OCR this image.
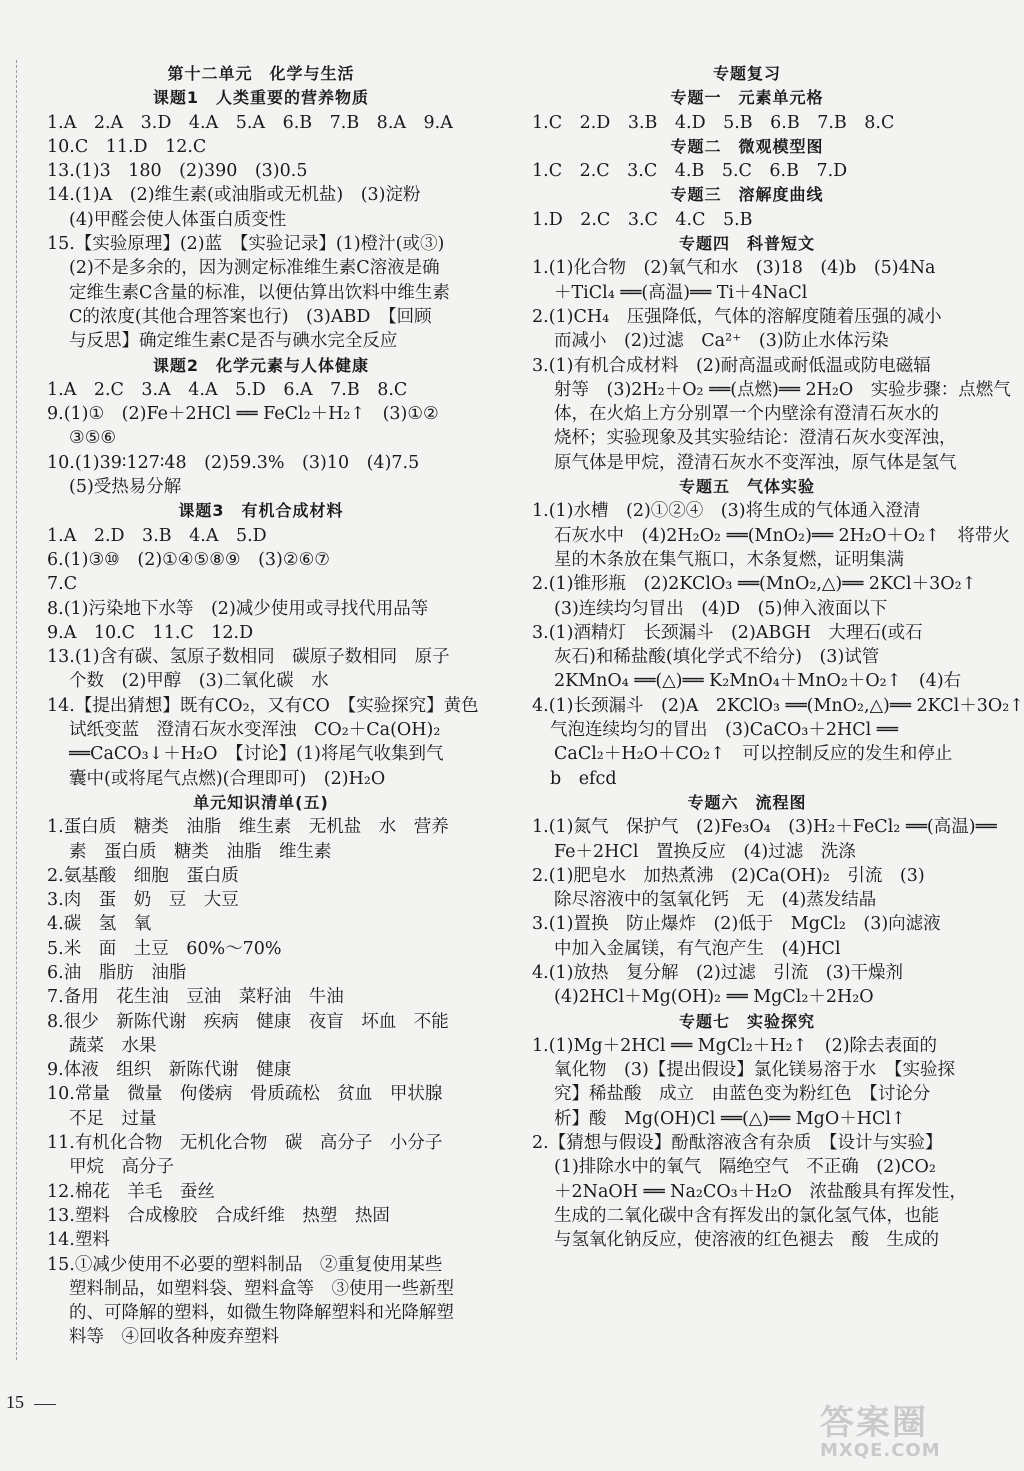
第十二单元　化学与生活
课题1　人类重要的营养物质
1.A　2.A　3.D　4.A　5.A　6.B　7.B　8.A　9.A
10.C　11.D　12.C
13.(1)3　180　(2)390　(3)0.5
14.(1)A　(2)维生素(或油脂或无机盐)　(3)淀粉
(4)甲醛会使人体蛋白质变性
15.【实验原理】(2)蓝　【实验记录】(1)橙汁(或③)
(2)不是多余的，因为测定标准维生素C溶液是确
定维生素C含量的标准，以便估算出饮料中维生素
C的浓度(其他合理答案也行)　(3)ABD　【回顾
与反思】确定维生素C是否与碘水完全反应
课题2　化学元素与人体健康
1.A　2.C　3.A　4.A　5.D　6.A　7.B　8.C
9.(1)①　(2)Fe＋2HCl ══ FeCl₂＋H₂↑　(3)①②
③⑤⑥
10.(1)39∶127∶48　(2)59.3%　(3)10　(4)7.5
(5)受热易分解
课题3　有机合成材料
1.A　2.D　3.B　4.A　5.D
6.(1)③⑩　(2)①④⑤⑧⑨　(3)②⑥⑦
7.C
8.(1)污染地下水等　(2)减少使用或寻找代用品等
9.A　10.C　11.C　12.D
13.(1)含有碳、氢原子数相同　碳原子数相同　原子
个数　(2)甲醇　(3)二氧化碳　水
14.【提出猜想】既有CO₂，又有CO　【实验探究】黄色
试纸变蓝　澄清石灰水变浑浊　CO₂＋Ca(OH)₂
══CaCO₃↓＋H₂O　【讨论】(1)将尾气收集到气
囊中(或将尾气点燃)(合理即可)　(2)H₂O
单元知识清单(五)
1.蛋白质　糖类　油脂　维生素　无机盐　水　营养
素　蛋白质　糖类　油脂　维生素
2.氨基酸　细胞　蛋白质
3.肉　蛋　奶　豆　大豆
4.碳　氢　氧
5.米　面　土豆　60%～70%
6.油　脂肪　油脂
7.备用　花生油　豆油　菜籽油　牛油
8.很少　新陈代谢　疾病　健康　夜盲　坏血　不能
蔬菜　水果
9.体液　组织　新陈代谢　健康
10.常量　微量　佝偻病　骨质疏松　贫血　甲状腺
不足　过量
11.有机化合物　无机化合物　碳　高分子　小分子
甲烷　高分子
12.棉花　羊毛　蚕丝
13.塑料　合成橡胶　合成纤维　热塑　热固
14.塑料
15.①减少使用不必要的塑料制品　②重复使用某些
塑料制品，如塑料袋、塑料盒等　③使用一些新型
的、可降解的塑料，如微生物降解塑料和光降解塑
料等　④回收各种废弃塑料
专题复习
专题一　元素单元格
1.C　2.D　3.B　4.D　5.B　6.B　7.B　8.C
专题二　微观模型图
1.C　2.C　3.C　4.B　5.C　6.B　7.D
专题三　溶解度曲线
1.D　2.C　3.C　4.C　5.B
专题四　科普短文
1.(1)化合物　(2)氧气和水　(3)18　(4)b　(5)4Na
＋TiCl₄ ══(高温)══ Ti＋4NaCl
2.(1)CH₄　压强降低，气体的溶解度随着压强的减小
而减小　(2)过滤　Ca²⁺　(3)防止水体污染
3.(1)有机合成材料　(2)耐高温或耐低温或防电磁辐
射等　(3)2H₂＋O₂ ══(点燃)══ 2H₂O　实验步骤：点燃气
体，在火焰上方分别罩一个内壁涂有澄清石灰水的
烧杯；实验现象及其实验结论：澄清石灰水变浑浊，
原气体是甲烷，澄清石灰水不变浑浊，原气体是氢气
专题五　气体实验
1.(1)水槽　(2)①②④　(3)将生成的气体通入澄清
石灰水中　(4)2H₂O₂ ══(MnO₂)══ 2H₂O＋O₂↑　将带火
星的木条放在集气瓶口，木条复燃，证明集满
2.(1)锥形瓶　(2)2KClO₃ ══(MnO₂,△)══ 2KCl＋3O₂↑
(3)连续均匀冒出　(4)D　(5)伸入液面以下
3.(1)酒精灯　长颈漏斗　(2)ABGH　大理石(或石
灰石)和稀盐酸(填化学式不给分)　(3)试管
2KMnO₄ ══(△)══ K₂MnO₄＋MnO₂＋O₂↑　(4)右
4.(1)长颈漏斗　(2)A　2KClO₃ ══(MnO₂,△)══ 2KCl＋3O₂↑
气泡连续均匀的冒出　(3)CaCO₃＋2HCl ══
CaCl₂＋H₂O＋CO₂↑　可以控制反应的发生和停止
b　efcd
专题六　流程图
1.(1)氮气　保护气　(2)Fe₃O₄　(3)H₂＋FeCl₂ ══(高温)══
Fe＋2HCl　置换反应　(4)过滤　洗涤
2.(1)肥皂水　加热煮沸　(2)Ca(OH)₂　引流　(3)
除尽溶液中的氢氧化钙　无　(4)蒸发结晶
3.(1)置换　防止爆炸　(2)低于　MgCl₂　(3)向滤液
中加入金属镁，有气泡产生　(4)HCl
4.(1)放热　复分解　(2)过滤　引流　(3)干燥剂
(4)2HCl＋Mg(OH)₂ ══ MgCl₂＋2H₂O
专题七　实验探究
1.(1)Mg＋2HCl ══ MgCl₂＋H₂↑　(2)除去表面的
氧化物　(3)【提出假设】氯化镁易溶于水　【实验探
究】稀盐酸　成立　由蓝色变为粉红色　【讨论分
析】酸　Mg(OH)Cl ══(△)══ MgO＋HCl↑
2.【猜想与假设】酚酞溶液含有杂质　【设计与实验】
(1)排除水中的氧气　隔绝空气　不正确　(2)CO₂
＋2NaOH ══ Na₂CO₃＋H₂O　浓盐酸具有挥发性，
生成的二氧化碳中含有挥发出的氯化氢气体，也能
与氢氧化钠反应，使溶液的红色褪去　酸　生成的
15
答案圈
MXQE.COM
